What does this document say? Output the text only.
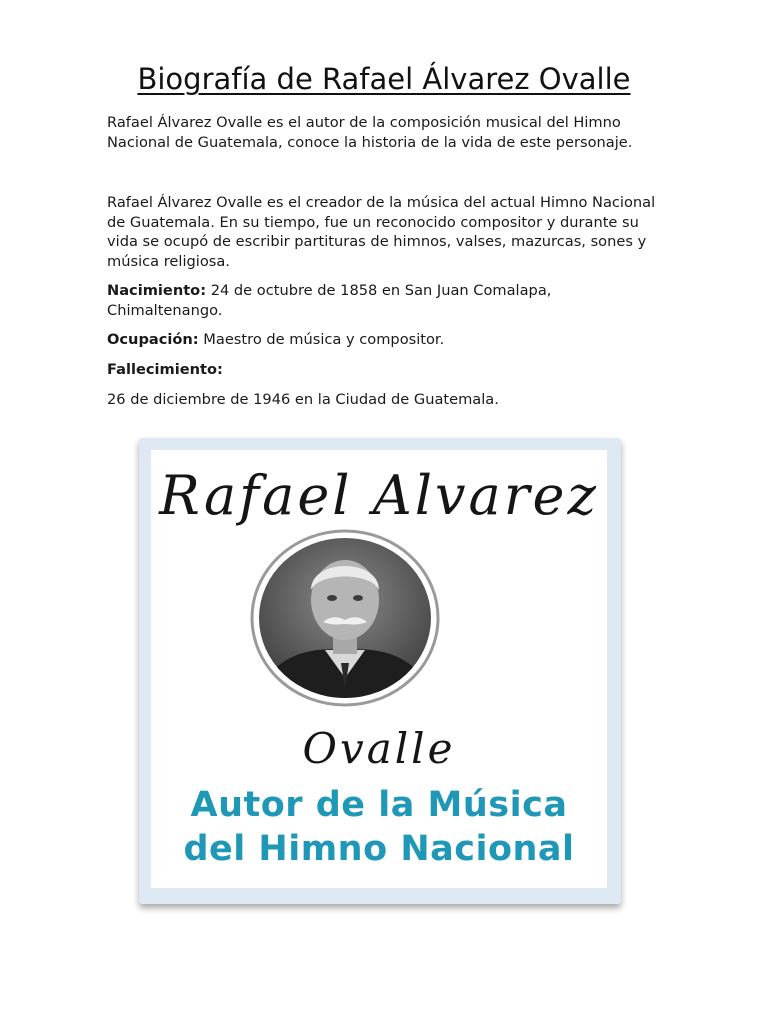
Biografía de Rafael Álvarez Ovalle

Rafael Álvarez Ovalle es el autor de la composición musical del Himno Nacional de Guatemala, conoce la historia de la vida de este personaje.

Rafael Álvarez Ovalle es el creador de la música del actual Himno Nacional de Guatemala. En su tiempo, fue un reconocido compositor y durante su vida se ocupó de escribir partituras de himnos, valses, mazurcas, sones y música religiosa.

Nacimiento: 24 de octubre de 1858 en San Juan Comalapa, Chimaltenango.

Ocupación: Maestro de música y compositor.

Fallecimiento:

26 de diciembre de 1946 en la Ciudad de Guatemala.

Rafael Alvarez
Ovalle
Autor de la Música
del Himno Nacional
